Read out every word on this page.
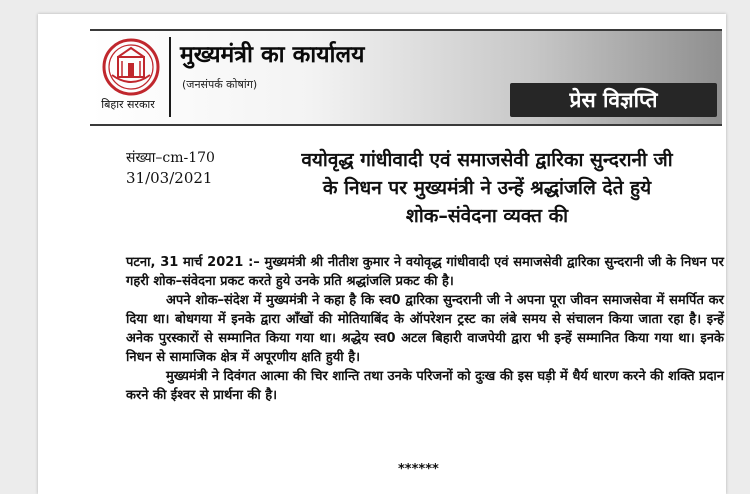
बिहार सरकार
मुख्यमंत्री का कार्यालय
(जनसंपर्क कोषांग)
प्रेस विज्ञप्ति
संख्या–cm-170
31/03/2021
वयोवृद्ध गांधीवादी एवं समाजसेवी द्वारिका सुन्दरानी जी
के निधन पर मुख्यमंत्री ने उन्हें श्रद्धांजलि देते हुये
शोक–संवेदना व्यक्त की

पटना, 31 मार्च 2021 :– मुख्यमंत्री श्री नीतीश कुमार ने वयोवृद्ध गांधीवादी एवं समाजसेवी द्वारिका सुन्दरानी जी के निधन पर गहरी शोक–संवेदना प्रकट करते हुये उनके प्रति श्रद्धांजलि प्रकट की है।

अपने शोक–संदेश में मुख्यमंत्री ने कहा है कि स्व0 द्वारिका सुन्दरानी जी ने अपना पूरा जीवन समाजसेवा में समर्पित कर दिया था। बोधगया में इनके द्वारा आँखों की मोतियाबिंद के ऑपरेशन ट्रस्ट का लंबे समय से संचालन किया जाता रहा है। इन्हें अनेक पुरस्कारों से सम्मानित किया गया था। श्रद्धेय स्व0 अटल बिहारी वाजपेयी द्वारा भी इन्हें सम्मानित किया गया था। इनके निधन से सामाजिक क्षेत्र में अपूरणीय क्षति हुयी है।

मुख्यमंत्री ने दिवंगत आत्मा की चिर शान्ति तथा उनके परिजनों को दुःख की इस घड़ी में धैर्य धारण करने की शक्ति प्रदान करने की ईश्वर से प्रार्थना की है।

******
